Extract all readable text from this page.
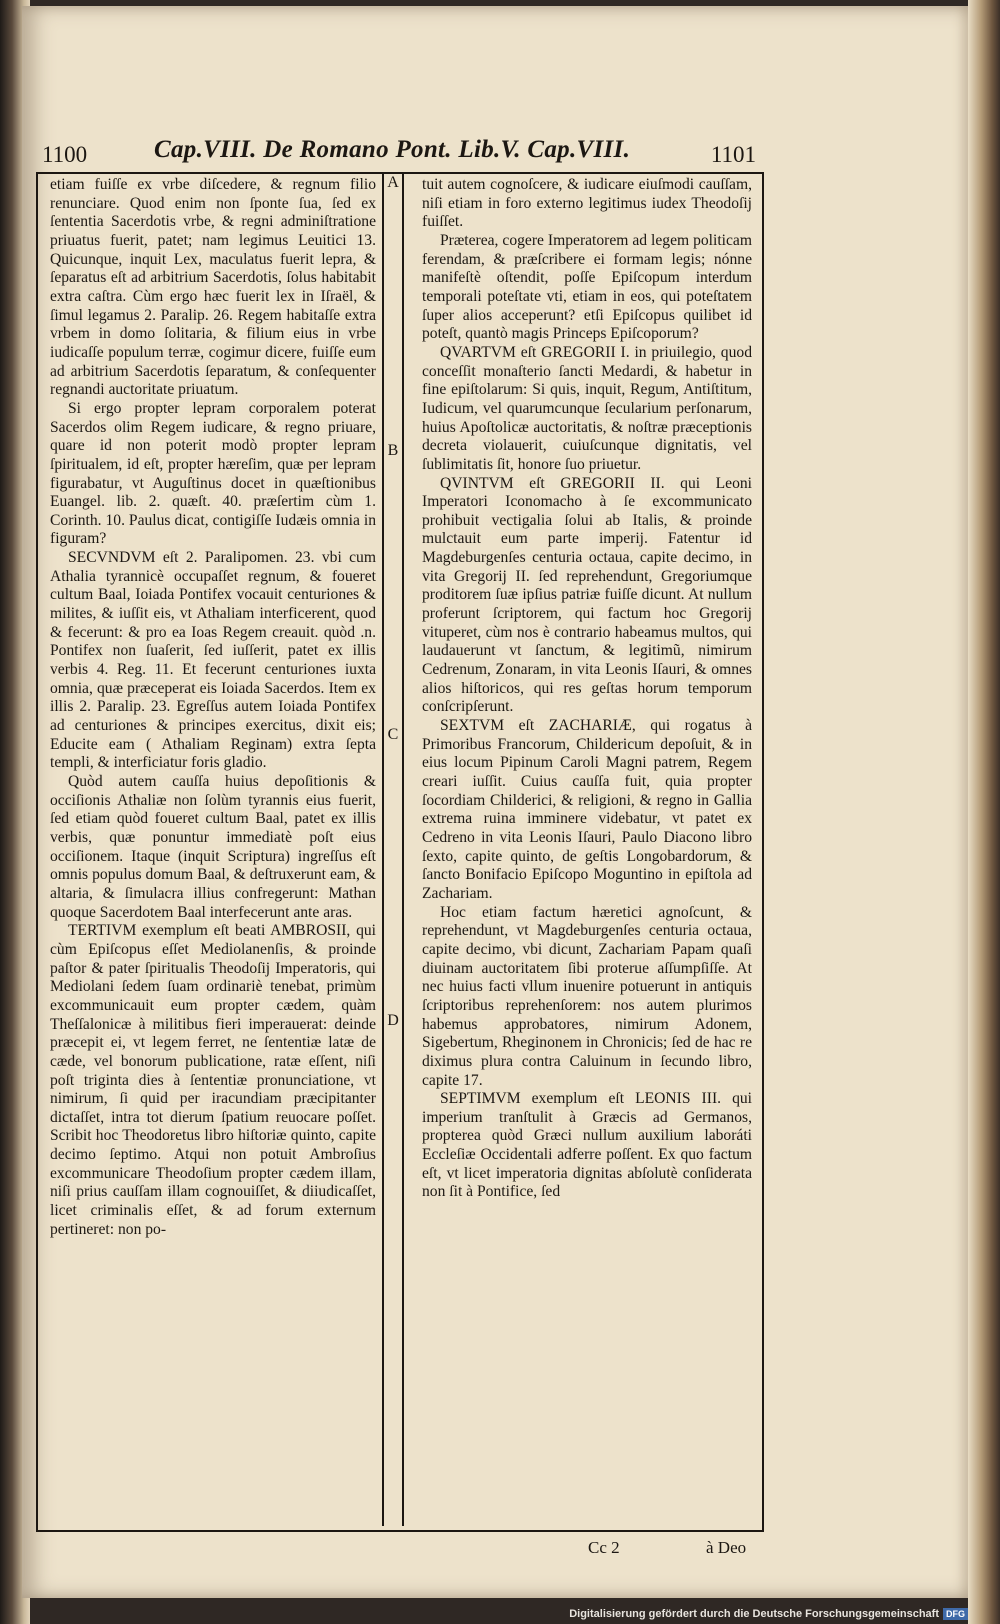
1100	Cap.VIII. De Romano Pont. Lib.V. Cap.VIII.	1101

etiam fuiſſe ex vrbe diſcedere, & regnum filio renunciare. Quod enim non ſponte ſua, ſed ex ſententia Sacerdotis vrbe, & regni adminiſtratione priuatus fuerit, patet; nam legimus Leuitici 13. Quicunque, inquit Lex, maculatus fuerit lepra, & ſeparatus eſt ad arbitrium Sacerdotis, ſolus habitabit extra caſtra. Cùm ergo hæc fuerit lex in Iſraël, & ſimul legamus 2. Paralip. 26. Regem habitaſſe extra vrbem in domo ſolitaria, & filium eius in vrbe iudicaſſe populum terræ, cogimur dicere, fuiſſe eum ad arbitrium Sacerdotis ſeparatum, & conſequenter regnandi auctoritate priuatum.

Si ergo propter lepram corporalem poterat Sacerdos olim Regem iudicare, & regno priuare, quare id non poterit modò propter lepram ſpiritualem, id eſt, propter hæreſim, quæ per lepram figurabatur, vt Auguſtinus docet in quæſtionibus Euangel. lib. 2. quæſt. 40. præſertim cùm 1. Corinth. 10. Paulus dicat, contigiſſe Iudæis omnia in figuram?

SECVNDVM eſt 2. Paralipomen. 23. vbi cum Athalia tyrannicè occupaſſet regnum, & foueret cultum Baal, Ioiada Pontifex vocauit centuriones & milites, & iuſſit eis, vt Athaliam interficerent, quod & fecerunt: & pro ea Ioas Regem creauit. quòd .n. Pontifex non ſuaſerit, ſed iuſſerit, patet ex illis verbis 4. Reg. 11. Et fecerunt centuriones iuxta omnia, quæ præceperat eis Ioiada Sacerdos. Item ex illis 2. Paralip. 23. Egreſſus autem Ioiada Pontifex ad centuriones & principes exercitus, dixit eis; Educite eam ( Athaliam Reginam) extra ſepta templi, & interficiatur foris gladio.

Quòd autem cauſſa huius depoſitionis & occiſionis Athaliæ non ſolùm tyrannis eius fuerit, ſed etiam quòd foueret cultum Baal, patet ex illis verbis, quæ ponuntur immediatè poſt eius occiſionem. Itaque (inquit Scriptura) ingreſſus eſt omnis populus domum Baal, & deſtruxerunt eam, & altaria, & ſimulacra illius confregerunt: Mathan quoque Sacerdotem Baal interfecerunt ante aras.

TERTIVM exemplum eſt beati AMBROSII, qui cùm Epiſcopus eſſet Mediolanenſis, & proinde paſtor & pater ſpiritualis Theodoſij Imperatoris, qui Mediolani ſedem ſuam ordinariè tenebat, primùm excommunicauit eum propter cædem, quàm Theſſalonicæ à militibus fieri imperauerat: deinde præcepit ei, vt legem ferret, ne ſententiæ latæ de cæde, vel bonorum publicatione, ratæ eſſent, niſi poſt triginta dies à ſententiæ pronunciatione, vt nimirum, ſi quid per iracundiam præcipitanter dictaſſet, intra tot dierum ſpatium reuocare poſſet. Scribit hoc Theodoretus libro hiſtoriæ quinto, capite decimo ſeptimo. Atqui non potuit Ambroſius excommunicare Theodoſium propter cædem illam, niſi prius cauſſam illam cognouiſſet, & diiudicaſſet, licet criminalis eſſet, & ad forum externum pertineret: non po-

A
B
C
D

tuit autem cognoſcere, & iudicare eiuſmodi cauſſam, niſi etiam in foro externo legitimus iudex Theodoſij fuiſſet.

Præterea, cogere Imperatorem ad legem politicam ferendam, & præſcribere ei formam legis; nónne manifeſtè oſtendit, poſſe Epiſcopum interdum temporali poteſtate vti, etiam in eos, qui poteſtatem ſuper alios acceperunt? etſi Epiſcopus quilibet id poteſt, quantò magis Princeps Epiſcoporum?

QVARTVM eſt GREGORII I. in priuilegio, quod conceſſit monaſterio ſancti Medardi, & habetur in fine epiſtolarum: Si quis, inquit, Regum, Antiſtitum, Iudicum, vel quarumcunque ſecularium perſonarum, huius Apoſtolicæ auctoritatis, & noſtræ præceptionis decreta violauerit, cuiuſcunque dignitatis, vel ſublimitatis ſit, honore ſuo priuetur.

QVINTVM eſt GREGORII II. qui Leoni Imperatori Iconomacho à ſe excommunicato prohibuit vectigalia ſolui ab Italis, & proinde mulctauit eum parte imperij. Fatentur id Magdeburgenſes centuria octaua, capite decimo, in vita Gregorij II. ſed reprehendunt, Gregoriumque proditorem ſuæ ipſius patriæ fuiſſe dicunt. At nullum proferunt ſcriptorem, qui factum hoc Gregorij vituperet, cùm nos è contrario habeamus multos, qui laudauerunt vt ſanctum, & legitimũ, nimirum Cedrenum, Zonaram, in vita Leonis Iſauri, & omnes alios hiſtoricos, qui res geſtas horum temporum conſcripſerunt.

SEXTVM eſt ZACHARIÆ, qui rogatus à Primoribus Francorum, Childericum depoſuit, & in eius locum Pipinum Caroli Magni patrem, Regem creari iuſſit. Cuius cauſſa fuit, quia propter ſocordiam Childerici, & religioni, & regno in Gallia extrema ruina imminere videbatur, vt patet ex Cedreno in vita Leonis Iſauri, Paulo Diacono libro ſexto, capite quinto, de geſtis Longobardorum, & ſancto Bonifacio Epiſcopo Moguntino in epiſtola ad Zachariam.

Hoc etiam factum hæretici agnoſcunt, & reprehendunt, vt Magdeburgenſes centuria octaua, capite decimo, vbi dicunt, Zachariam Papam quaſi diuinam auctoritatem ſibi proterue aſſumpſiſſe. At nec huius facti vllum inuenire potuerunt in antiquis ſcriptoribus reprehenſorem: nos autem plurimos habemus approbatores, nimirum Adonem, Sigebertum, Rheginonem in Chronicis; ſed de hac re diximus plura contra Caluinum in ſecundo libro, capite 17.

SEPTIMVM exemplum eſt LEONIS III. qui imperium tranſtulit à Græcis ad Germanos, propterea quòd Græci nullum auxilium laboráti Eccleſiæ Occidentali adferre poſſent. Ex quo factum eſt, vt licet imperatoria dignitas abſolutè conſiderata non ſit à Pontifice, ſed

Cc 2	à Deo
Digitalisierung gefördert durch die Deutsche Forschungsgemeinschaft DFG
